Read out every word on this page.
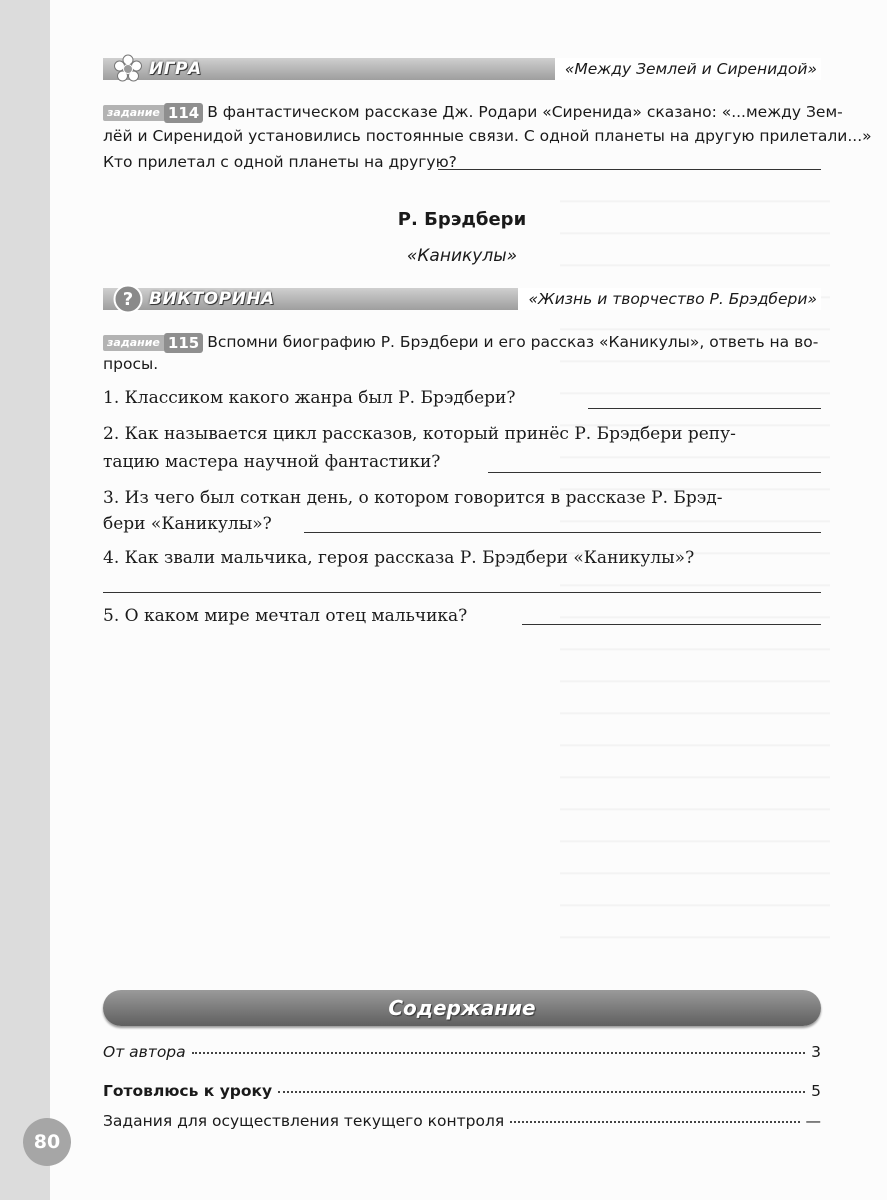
ИГРА	«Между Землей и Сиренидой»
задание 114 В фантастическом рассказе Дж. Родари «Сиренида» сказано: «...между Зем-
лёй и Сиренидой установились постоянные связи. С одной планеты на другую прилетали...»
Кто прилетал с одной планеты на другую?
Р. Брэдбери
«Каникулы»
? ВИКТОРИНА	«Жизнь и творчество Р. Брэдбери»
задание 115 Вспомни биографию Р. Брэдбери и его рассказ «Каникулы», ответь на во-
просы.
1. Классиком какого жанра был Р. Брэдбери?
2. Как называется цикл рассказов, который принёс Р. Брэдбери репу-
тацию мастера научной фантастики?
3. Из чего был соткан день, о котором говорится в рассказе Р. Брэд-
бери «Каникулы»?
4. Как звали мальчика, героя рассказа Р. Брэдбери «Каникулы»?
5. О каком мире мечтал отец мальчика?
Содержание
От автора	3
Готовлюсь к уроку	5
Задания для осуществления текущего контроля	—
80
